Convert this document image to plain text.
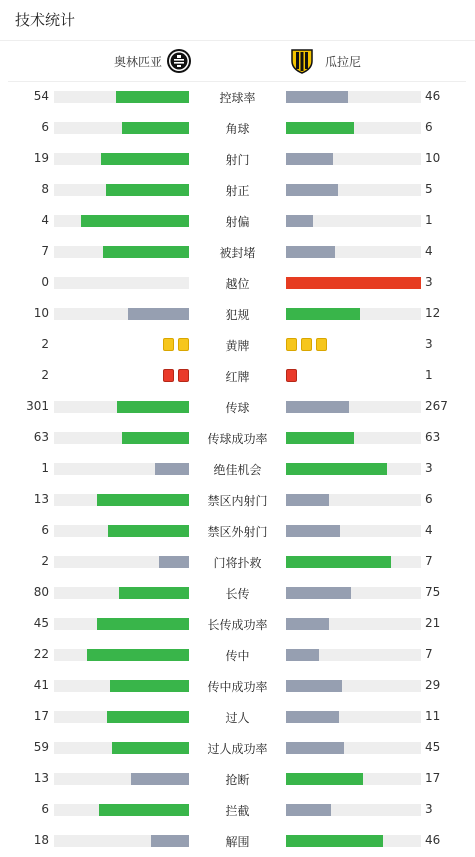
技术统计
奥林匹亚	瓜拉尼
54	控球率	46
6	角球	6
19	射门	10
8	射正	5
4	射偏	1
7	被封堵	4
0	越位	3
10	犯规	12
2	黄牌	3
2	红牌	1
301	传球	267
63	传球成功率	63
1	绝佳机会	3
13	禁区内射门	6
6	禁区外射门	4
2	门将扑救	7
80	长传	75
45	长传成功率	21
22	传中	7
41	传中成功率	29
17	过人	11
59	过人成功率	45
13	抢断	17
6	拦截	3
18	解围	46
